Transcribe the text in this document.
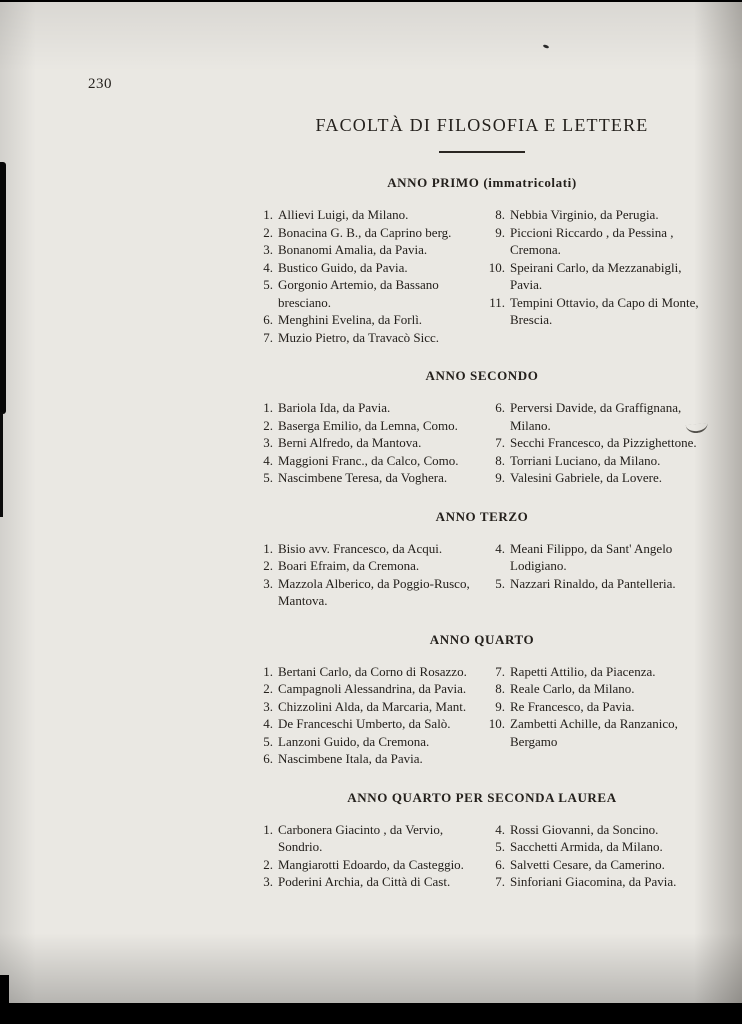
230
FACOLTÀ DI FILOSOFIA E LETTERE
ANNO PRIMO (immatricolati)
1. Allievi Luigi, da Milano.
2. Bonacina G. B., da Caprino berg.
3. Bonanomi Amalia, da Pavia.
4. Bustico Guido, da Pavia.
5. Gorgonio Artemio, da Bassano bresciano.
6. Menghini Evelina, da Forlì.
7. Muzio Pietro, da Travacò Sicc.
8. Nebbia Virginio, da Perugia.
9. Piccioni Riccardo , da Pessina , Cremona.
10. Speirani Carlo, da Mezzanabigli, Pavia.
11. Tempini Ottavio, da Capo di Monte, Brescia.
ANNO SECONDO
1. Bariola Ida, da Pavia.
2. Baserga Emilio, da Lemna, Como.
3. Berni Alfredo, da Mantova.
4. Maggioni Franc., da Calco, Como.
5. Nascimbene Teresa, da Voghera.
6. Perversi Davide, da Graffignana, Milano.
7. Secchi Francesco, da Pizzighettone.
8. Torriani Luciano, da Milano.
9. Valesini Gabriele, da Lovere.
ANNO TERZO
1. Bisio avv. Francesco, da Acqui.
2. Boari Efraim, da Cremona.
3. Mazzola Alberico, da Poggio-Rusco, Mantova.
4. Meani Filippo, da Sant' Angelo Lodigiano.
5. Nazzari Rinaldo, da Pantelleria.
ANNO QUARTO
1. Bertani Carlo, da Corno di Rosazzo.
2. Campagnoli Alessandrina, da Pavia.
3. Chizzolini Alda, da Marcaria, Mant.
4. De Franceschi Umberto, da Salò.
5. Lanzoni Guido, da Cremona.
6. Nascimbene Itala, da Pavia.
7. Rapetti Attilio, da Piacenza.
8. Reale Carlo, da Milano.
9. Re Francesco, da Pavia.
10. Zambetti Achille, da Ranzanico, Bergamo
ANNO QUARTO PER SECONDA LAUREA
1. Carbonera Giacinto , da Vervio, Sondrio.
2. Mangiarotti Edoardo, da Casteggio.
3. Poderini Archia, da Città di Cast.
4. Rossi Giovanni, da Soncino.
5. Sacchetti Armida, da Milano.
6. Salvetti Cesare, da Camerino.
7. Sinforiani Giacomina, da Pavia.
